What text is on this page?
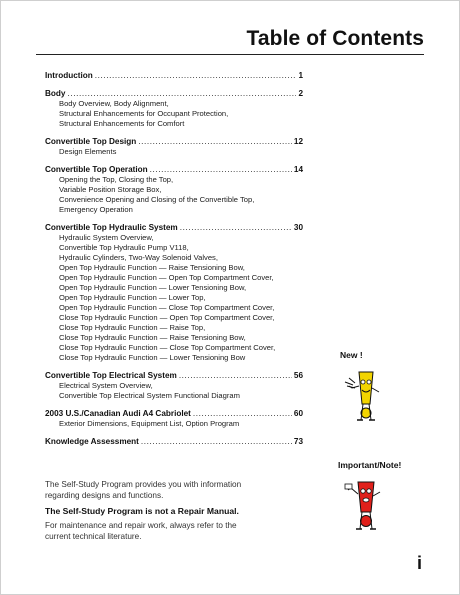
Table of Contents
Introduction .....	1
Body .....	2
Body Overview, Body Alignment,
Structural Enhancements for Occupant Protection,
Structural Enhancements for Comfort
Convertible Top Design .....	12
Design Elements
Convertible Top Operation .....	14
Opening the Top, Closing the Top,
Variable Position Storage Box,
Convenience Opening and Closing of the Convertible Top,
Emergency Operation
Convertible Top Hydraulic System .....	30
Hydraulic System Overview,
Convertible Top Hydraulic Pump V118,
Hydraulic Cylinders, Two-Way Solenoid Valves,
Open Top Hydraulic Function — Raise Tensioning Bow,
Open Top Hydraulic Function — Open Top Compartment Cover,
Open Top Hydraulic Function — Lower Tensioning Bow,
Open Top Hydraulic Function — Lower Top,
Open Top Hydraulic Function — Close Top Compartment Cover,
Close Top Hydraulic Function — Open Top Compartment Cover,
Close Top Hydraulic Function — Raise Top,
Close Top Hydraulic Function — Raise Tensioning Bow,
Close Top Hydraulic Function — Close Top Compartment Cover,
Close Top Hydraulic Function — Lower Tensioning Bow
Convertible Top Electrical System .....	56
Electrical System Overview,
Convertible Top Electrical System Functional Diagram
2003 U.S./Canadian Audi A4 Cabriolet .....	60
Exterior Dimensions, Equipment List, Option Program
Knowledge Assessment .....	73
New !
Important/Note!

The Self-Study Program provides you with information

regarding designs and functions.

The Self-Study Program is not a Repair Manual.

For maintenance and repair work, always refer to the

current technical literature.

i
